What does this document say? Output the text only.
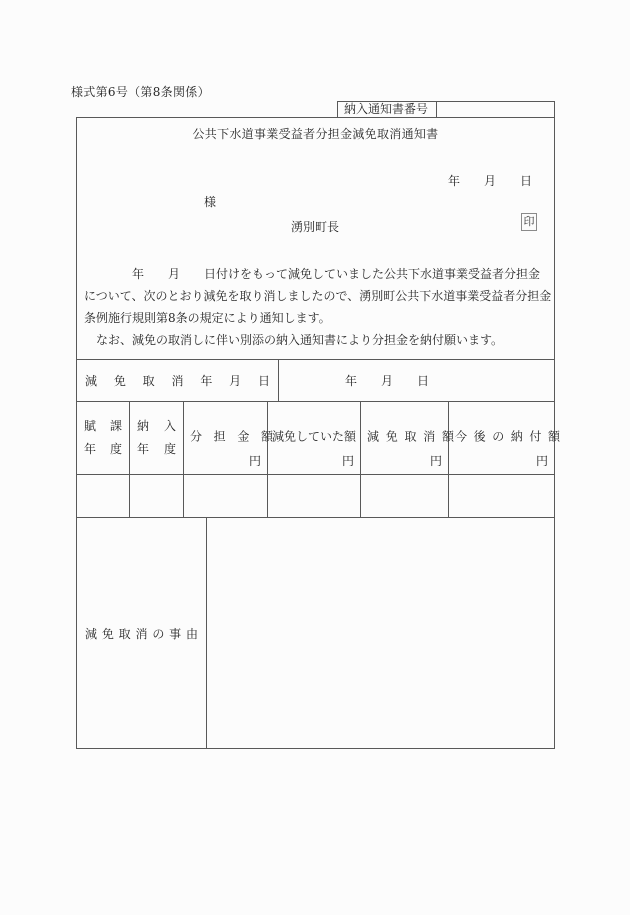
様式第6号（第8条関係）
納入通知書番号
公共下水道事業受益者分担金減免取消通知書
年　　月　　日
様
湧別町長	印
　　　　年　　月　　日付けをもって減免していました公共下水道事業受益者分担金
について、次のとおり減免を取り消しましたので、湧別町公共下水道事業受益者分担金
条例施行規則第8条の規定により通知します。
　なお、減免の取消しに伴い別添の納入通知書により分担金を納付願います。
減 免 取 消 年 月 日	年　　月　　日
賦 課
年 度
納 入
年 度
分 担 金 額
円
減免していた額
円
減 免 取 消 額
円
今 後 の 納 付 額
円
減 免 取 消 の 事 由
